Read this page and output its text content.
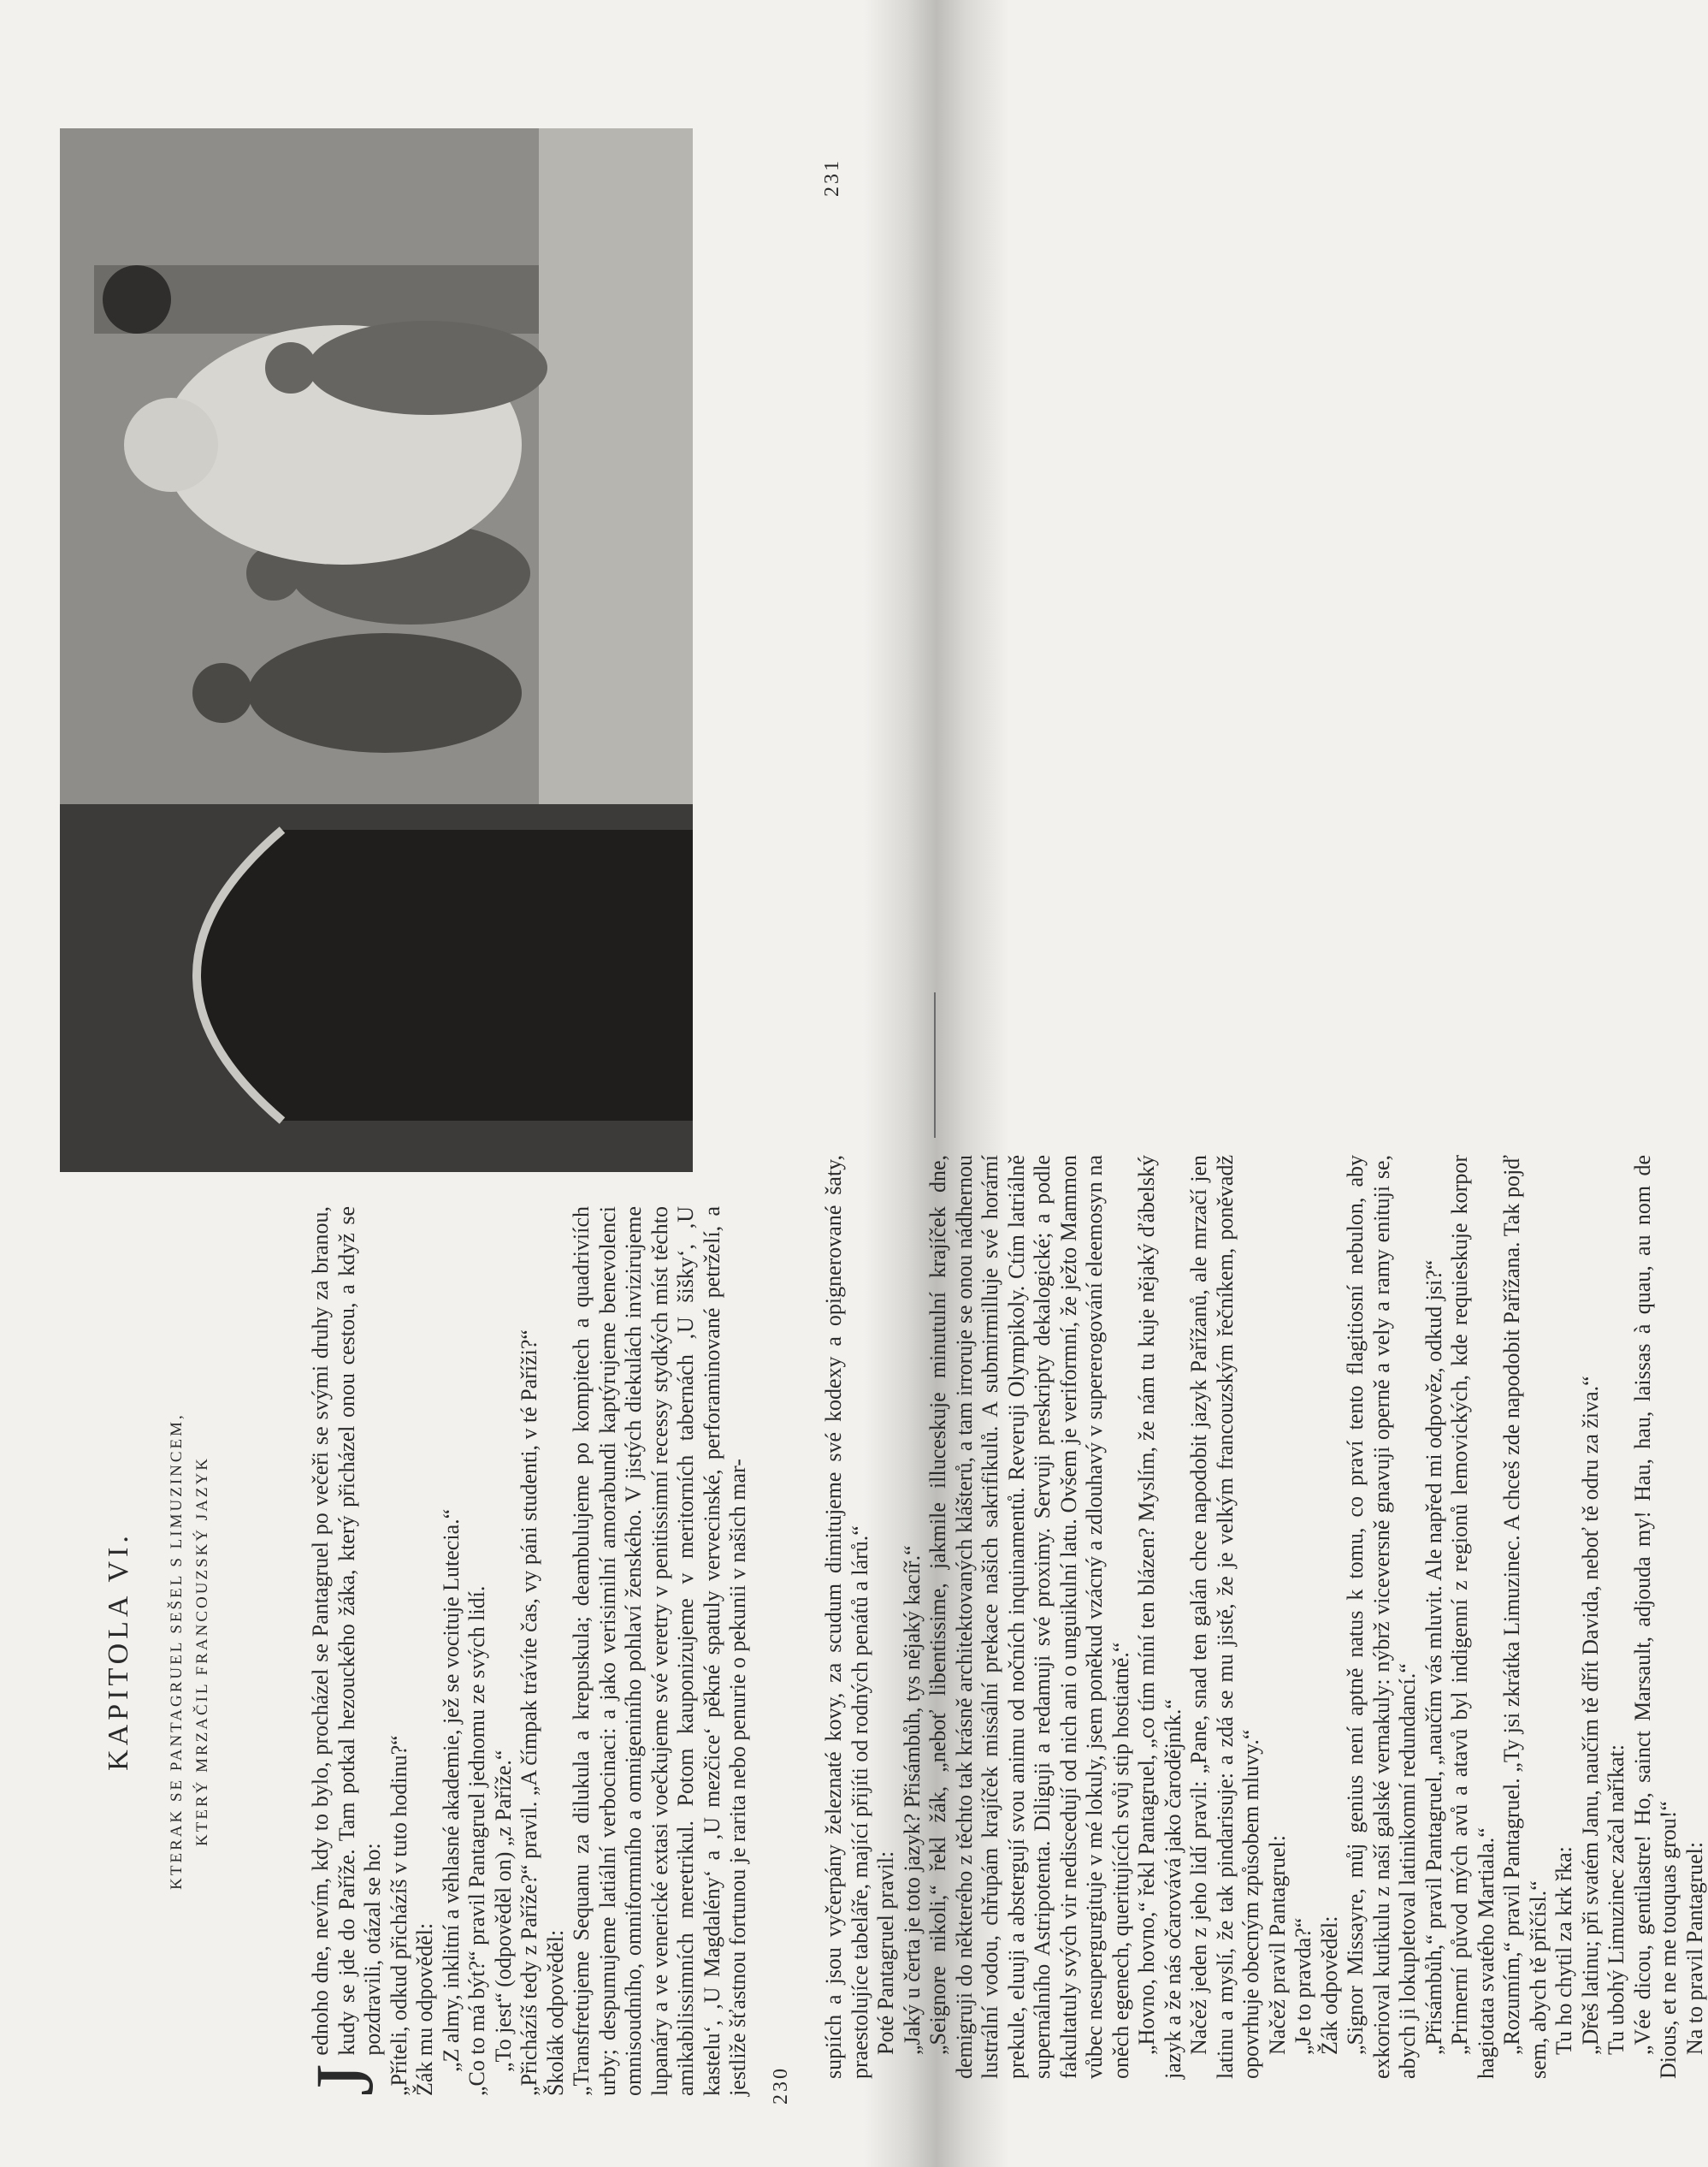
KAPITOLA VI. KTERAK SE PANTAGRUEL SEŠEL S LIMUZINCEM, KTERÝ MRZAČIL FRANCOUZSKÝ JAZYK

J
ednoho dne, nevím, kdy to bylo, procházel se Pantagruel po večeři se svými druhy za branou, kudy se jde do Paříže. Tam potkal hezouckého žáka, který přicházel onou cestou, a když se pozdravili, otázal se ho: „Příteli, odkud přicházíš v tuto hodinu?“ Žák mu odpověděl: „Z almy, inklitní a věhlasné akademie, jež se vocituje Lutecia.“ „Co to má být?“ pravil Pantagruel jednomu ze svých lidí. „To jest“ (odpověděl on) „z Paříže.“ „Přicházíš tedy z Paříže?“ pravil. „A čímpak trávíte čas, vy páni studenti, v té Paříži?“ Školák odpověděl: „Transfretujeme Sequanu za dilukula a krepuskula; deambulujeme po kompitech a quadriviích urby; despumujeme latiální verbocinaci: a jako verisimilní amorabundi kaptýrujeme benevolenci omnisoudního, omniformního a omnigeniního pohlaví ženského. V jistých diekulách invizirujeme lupanáry a ve venerické extasi voečkujeme své veretry v penitissimní recessy stydkých míst těchto amikabilissimních meretrikul. Potom kauponizujeme v meritorních tabernách ‚U šišky‘, ‚U kastelu‘, ‚U Magdalény‘ a ‚U mezčice‘ pěkné spatuly vervecinské, perforaminované petrželí, a jestliže šťastnou fortunou je rarita nebo penurie o pekunii v našich mar- 230

supiích a jsou vyčerpány železnaté kovy, za scudum dimitujeme své kodexy a opignerované šaty, praestolujíce tabeláře, mající přijíti od rodných penátů a lárů.“ Poté Pantagruel pravil: „Jaký u čerta je toto jazyk? Přisámbůh, tys nějaký kacíř.“ „Seignore nikoli,“ řekl žák, „neboť libentissime, jakmile illuceskuje minutulní krajíček dne, demigruji do některého z těchto tak krásně architektovaných klášterů, a tam irroruje se onou nádhernou lustrální vodou, chřupám krajíček missální prekace našich sakrifikulů. A submirmilluje své horární prekule, eluuji a abstergují svou animu od nočních inquinamentů. Reveruji Olympikoly. Ctím latriálně supernálního Astripotenta. Diliguji a redamuji své proximy. Servuji preskripty dekalogické; a podle fakultatuly svých vir nediscedují od nich ani o unguikulní latu. Ovšem je veriformní, že ježto Mammon vůbec nesupergurgituje v mé lokuly, jsem poněkud vzácný a zdlouhavý v supererogování eleemosyn na oněch egenech, queritujících svůj stip hostiatně.“ „Hovno, hovno,“ řekl Pantagruel, „co tím míní ten blázen? Myslím, že nám tu kuje nějaký ďábelský jazyk a že nás očarovává jako čarodějník.“ Načež jeden z jeho lidí pravil: „Pane, snad ten galán chce napodobit jazyk Pařížanů, ale mrzačí jen latinu a myslí, že tak pindarisuje: a zdá se mu jistě, že je velkým francouzským řečníkem, poněvadž opovrhuje obecným způsobem mluvy.“ Načež pravil Pantagruel: „Je to pravda?“ Žák odpověděl: „Signor Missayre, můj genius není aptně natus k tomu, co praví tento flagitiosní nebulon, aby exkorioval kutikulu z naší galské vernakuly: nýbrž viceversně gnavuji operně a vely a ramy enituji se, abych ji lokupletoval latinikomní redundancí.“ „Přisámbůh,“ pravil Pantagruel, „naučím vás mluvit. Ale napřed mi odpověz, odkud jsi?“ „Primerní původ mých avů a atavů byl indigenní z regionů lemovických, kde requieskuje korpor hagiotata svatého Martiala.“ „Rozumím,“ pravil Pantagruel. „Ty jsi zkrátka Limuzinec. A chceš zde napodobit Pařížana. Tak pojď sem, abych tě přičísl.“ Tu ho chytil za krk řka: „Dřeš latinu; při svatém Janu, naučím tě dřít Davida, neboť tě odru za živa.“ Tu ubohý Limuzinec začal naříkat: „Vée dicou, gentilastre! Ho, sainct Marsault, adjouda my! Hau, hau, laissas à quau, au nom de Dious, et ne me touquas grou!“ Na to pravil Pantagruel:

231
